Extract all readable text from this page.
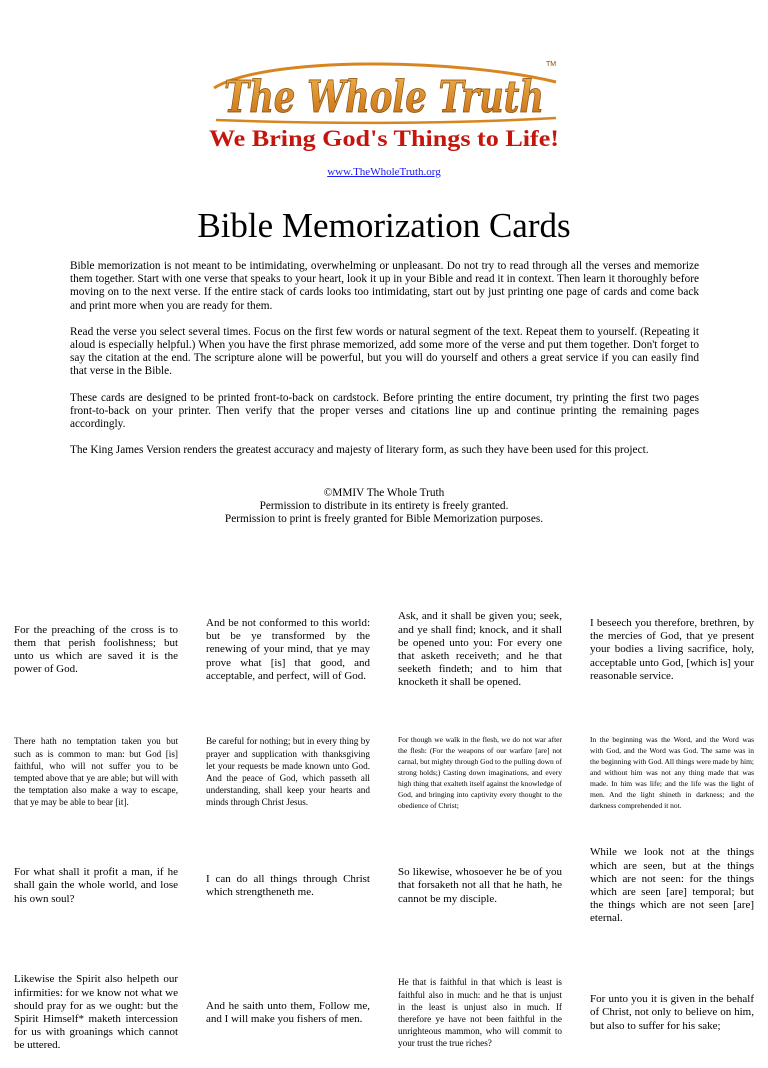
The Whole Truth
TM
We Bring God's Things to Life!
www.TheWholeTruth.org
Bible Memorization Cards

Bible memorization is not meant to be intimidating, overwhelming or unpleasant. Do not try to read through all the verses and memorize them together. Start with one verse that speaks to your heart, look it up in your Bible and read it in context. Then learn it thoroughly before moving on to the next verse. If the entire stack of cards looks too intimidating, start out by just printing one page of cards and come back and print more when you are ready for them.

Read the verse you select several times. Focus on the first few words or natural segment of the text. Repeat them to yourself. (Repeating it aloud is especially helpful.) When you have the first phrase memorized, add some more of the verse and put them together. Don't forget to say the citation at the end. The scripture alone will be powerful, but you will do yourself and others a great service if you can easily find that verse in the Bible.

These cards are designed to be printed front-to-back on cardstock. Before printing the entire document, try printing the first two pages front-to-back on your printer. Then verify that the proper verses and citations line up and continue printing the remaining pages accordingly.

The King James Version renders the greatest accuracy and majesty of literary form, as such they have been used for this project.

©MMIV The Whole Truth
Permission to distribute in its entirety is freely granted.
Permission to print is freely granted for Bible Memorization purposes.
For the preaching of the cross is to them that perish foolishness; but unto us which are saved it is the power of God.
And be not conformed to this world: but be ye transformed by the renewing of your mind, that ye may prove what [is] that good, and acceptable, and perfect, will of God.
Ask, and it shall be given you; seek, and ye shall find; knock, and it shall be opened unto you: For every one that asketh receiveth; and he that seeketh findeth; and to him that knocketh it shall be opened.
I beseech you therefore, brethren, by the mercies of God, that ye present your bodies a living sacrifice, holy, acceptable unto God, [which is] your reasonable service.
There hath no temptation taken you but such as is common to man: but God [is] faithful, who will not suffer you to be tempted above that ye are able; but will with the temptation also make a way to escape, that ye may be able to bear [it].
Be careful for nothing; but in every thing by prayer and supplication with thanksgiving let your requests be made known unto God. And the peace of God, which passeth all understanding, shall keep your hearts and minds through Christ Jesus.
For though we walk in the flesh, we do not war after the flesh: (For the weapons of our warfare [are] not carnal, but mighty through God to the pulling down of strong holds;) Casting down imaginations, and every high thing that exalteth itself against the knowledge of God, and bringing into captivity every thought to the obedience of Christ;
In the beginning was the Word, and the Word was with God, and the Word was God. The same was in the beginning with God. All things were made by him; and without him was not any thing made that was made. In him was life; and the life was the light of men. And the light shineth in darkness; and the darkness comprehended it not.
For what shall it profit a man, if he shall gain the whole world, and lose his own soul?
I can do all things through Christ which strengtheneth me.
So likewise, whosoever he be of you that forsaketh not all that he hath, he cannot be my disciple.
While we look not at the things which are seen, but at the things which are not seen: for the things which are seen [are] temporal; but the things which are not seen [are] eternal.
Likewise the Spirit also helpeth our infirmities: for we know not what we should pray for as we ought: but the Spirit Himself* maketh intercession for us with groanings which cannot be uttered.
And he saith unto them, Follow me, and I will make you fishers of men.
He that is faithful in that which is least is faithful also in much: and he that is unjust in the least is unjust also in much. If therefore ye have not been faithful in the unrighteous mammon, who will commit to your trust the true riches?
For unto you it is given in the behalf of Christ, not only to believe on him, but also to suffer for his sake;
